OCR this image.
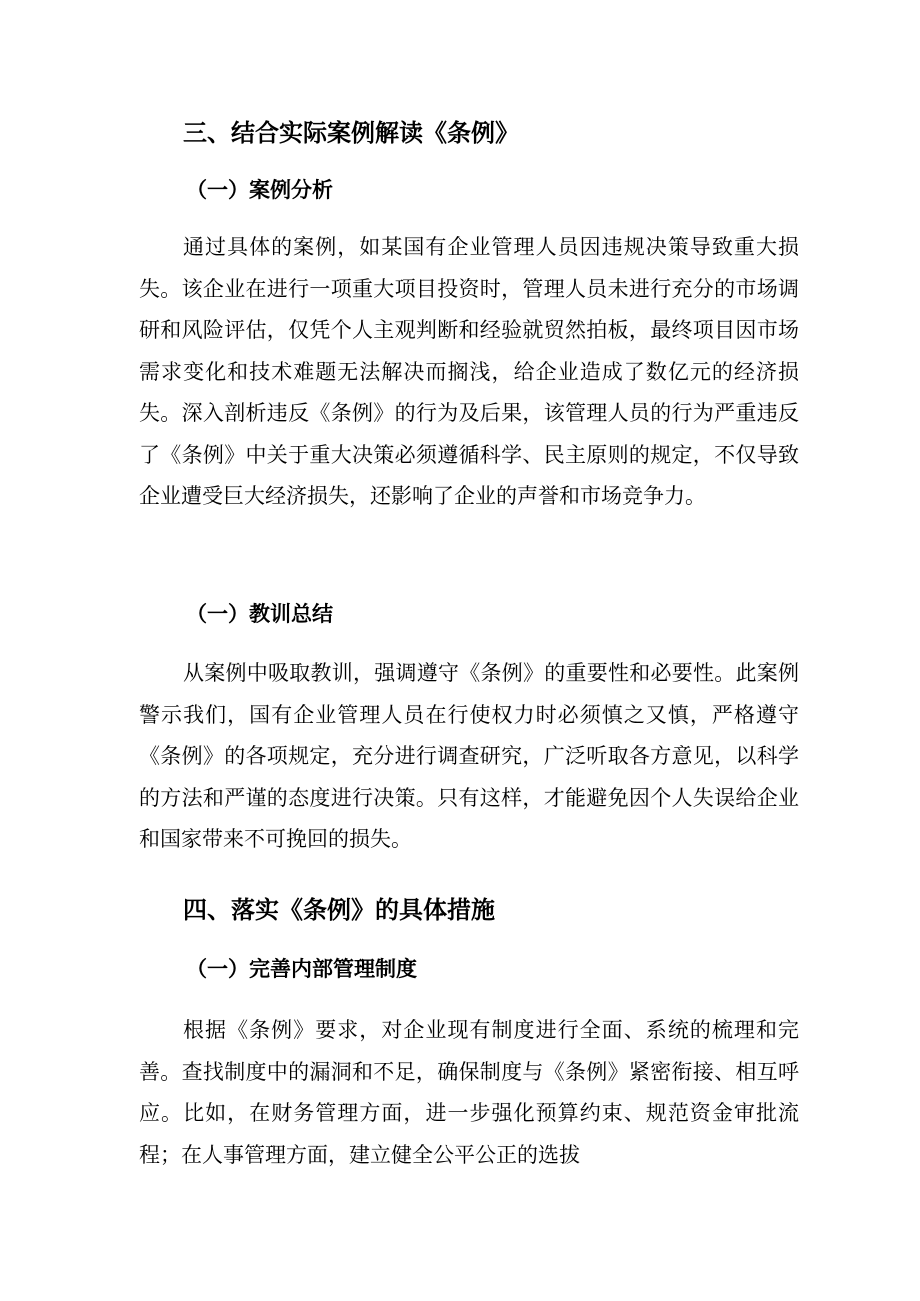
三、结合实际案例解读《条例》
（一）案例分析

通过具体的案例，如某国有企业管理人员因违规决策导致重大损失。该企业在进行一项重大项目投资时，管理人员未进行充分的市场调研和风险评估，仅凭个人主观判断和经验就贸然拍板，最终项目因市场需求变化和技术难题无法解决而搁浅，给企业造成了数亿元的经济损失。深入剖析违反《条例》的行为及后果，该管理人员的行为严重违反了《条例》中关于重大决策必须遵循科学、民主原则的规定，不仅导致企业遭受巨大经济损失，还影响了企业的声誉和市场竞争力。

（一）教训总结

从案例中吸取教训，强调遵守《条例》的重要性和必要性。此案例警示我们，国有企业管理人员在行使权力时必须慎之又慎，严格遵守《条例》的各项规定，充分进行调查研究，广泛听取各方意见，以科学的方法和严谨的态度进行决策。只有这样，才能避免因个人失误给企业和国家带来不可挽回的损失。

四、落实《条例》的具体措施
（一）完善内部管理制度

根据《条例》要求，对企业现有制度进行全面、系统的梳理和完善。查找制度中的漏洞和不足，确保制度与《条例》紧密衔接、相互呼应。比如，在财务管理方面，进一步强化预算约束、规范资金审批流程；在人事管理方面，建立健全公平公正的选拔
